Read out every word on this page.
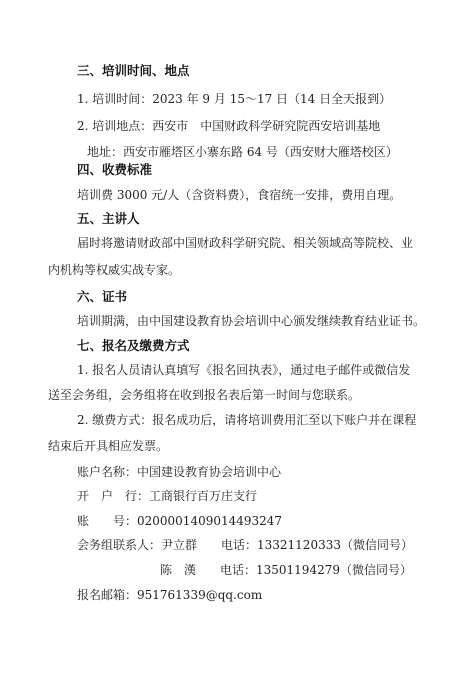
三、培训时间、地点
1. 培训时间：2023 年 9 月 15～17 日（14 日全天报到）
2. 培训地点：西安市　中国财政科学研究院西安培训基地
地址：西安市雁塔区小寨东路 64 号（西安财大雁塔校区）
四、收费标准
培训费 3000 元/人（含资料费），食宿统一安排，费用自理。
五、主讲人
届时将邀请财政部中国财政科学研究院、相关领域高等院校、业
内机构等权威实战专家。
六、证书
培训期满，由中国建设教育协会培训中心颁发继续教育结业证书。
七、报名及缴费方式
1. 报名人员请认真填写《报名回执表》，通过电子邮件或微信发
送至会务组，会务组将在收到报名表后第一时间与您联系。
2. 缴费方式：报名成功后，请将培训费用汇至以下账户并在课程
结束后开具相应发票。
账户名称：中国建设教育协会培训中心
开　户　行：工商银行百万庄支行
账　　号：0200001409014493247
会务组联系人：尹立群　　电话：13321120333（微信同号）
陈　漢　　电话：13501194279（微信同号）
报名邮箱：951761339@qq.com
